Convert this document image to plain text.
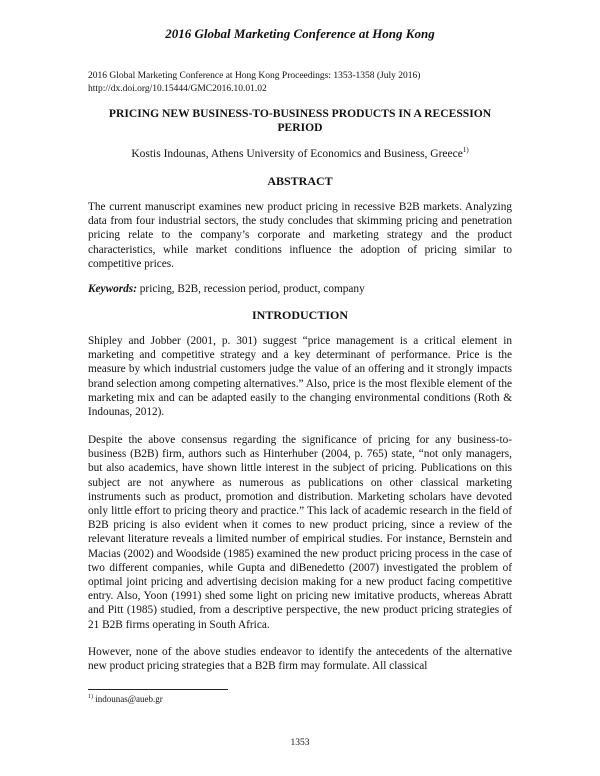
2016 Global Marketing Conference at Hong Kong
2016 Global Marketing Conference at Hong Kong Proceedings: 1353-1358 (July 2016)
http://dx.doi.org/10.15444/GMC2016.10.01.02
PRICING NEW BUSINESS-TO-BUSINESS PRODUCTS IN A RECESSION
PERIOD
Kostis Indounas, Athens University of Economics and Business, Greece$^{1)}$
ABSTRACT

The current manuscript examines new product pricing in recessive B2B markets. Analyzing data from four industrial sectors, the study concludes that skimming pricing and penetration pricing relate to the company’s corporate and marketing strategy and the product characteristics, while market conditions influence the adoption of pricing similar to competitive prices.

Keywords: pricing, B2B, recession period, product, company
INTRODUCTION

Shipley and Jobber (2001, p. 301) suggest “price management is a critical element in marketing and competitive strategy and a key determinant of performance. Price is the measure by which industrial customers judge the value of an offering and it strongly impacts brand selection among competing alternatives.” Also, price is the most flexible element of the marketing mix and can be adapted easily to the changing environmental conditions (Roth & Indounas, 2012).

Despite the above consensus regarding the significance of pricing for any business-to-business (B2B) firm, authors such as Hinterhuber (2004, p. 765) state, “not only managers, but also academics, have shown little interest in the subject of pricing. Publications on this subject are not anywhere as numerous as publications on other classical marketing instruments such as product, promotion and distribution. Marketing scholars have devoted only little effort to pricing theory and practice.” This lack of academic research in the field of B2B pricing is also evident when it comes to new product pricing, since a review of the relevant literature reveals a limited number of empirical studies. For instance, Bernstein and Macias (2002) and Woodside (1985) examined the new product pricing process in the case of two different companies, while Gupta and diBenedetto (2007) investigated the problem of optimal joint pricing and advertising decision making for a new product facing competitive entry. Also, Yoon (1991) shed some light on pricing new imitative products, whereas Abratt and Pitt (1985) studied, from a descriptive perspective, the new product pricing strategies of 21 B2B firms operating in South Africa.

However, none of the above studies endeavor to identify the antecedents of the alternative new product pricing strategies that a B2B firm may formulate. All classical

$^{1)}$ indounas@aueb.gr
1353
